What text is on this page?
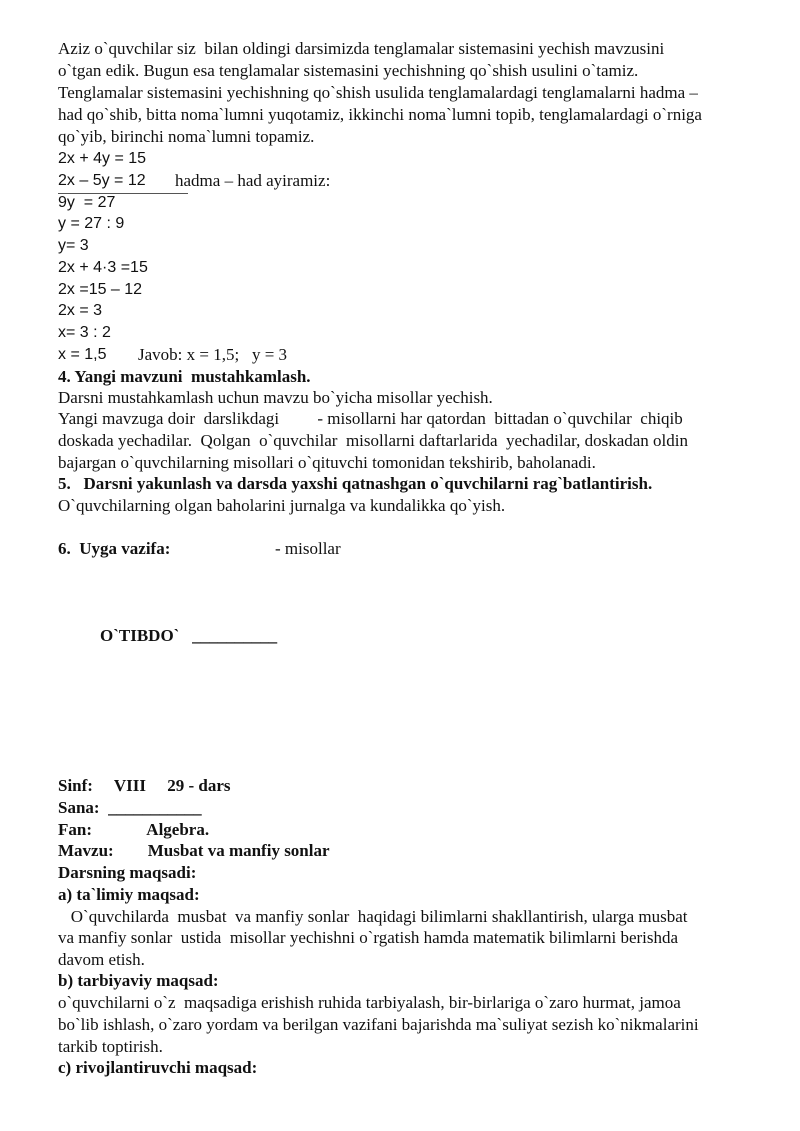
Aziz o`quvchilar siz  bilan oldingi darsimizda tenglamalar sistemasini yechish mavzusini

o`tgan edik. Bugun esa tenglamalar sistemasini yechishning qo`shish usulini o`tamiz.

Tenglamalar sistemasini yechishning qo`shish usulida tenglamalardagi tenglamalarni hadma –

had qo`shib, bitta noma`lumni yuqotamiz, ikkinchi noma`lumni topib, tenglamalardagi o`rniga

qo`yib, birinchi noma`lumni topamiz.

2x + 4y = 15

2x – 5y = 12 hadma – had ayiramiz:

9y  = 27

y = 27 : 9

y= 3

2x + 4·3 =15

2x =15 – 12

2x = 3

x= 3 : 2

x = 1,5 Javob: x = 1,5;   y = 3

4. Yangi mavzuni  mustahkamlash.

Darsni mustahkamlash uchun mavzu bo`yicha misollar yechish.

Yangi mavzuga doir  darslikdagi         - misollarni har qatordan  bittadan o`quvchilar  chiqib

doskada yechadilar.  Qolgan  o`quvchilar  misollarni daftarlarida  yechadilar, doskadan oldin

bajargan o`quvchilarning misollari o`qituvchi tomonidan tekshirib, baholanadi.

5.   Darsni yakunlash va darsda yaxshi qatnashgan o`quvchilarni rag`batlantirish.

O`quvchilarning olgan baholarini jurnalga va kundalikka qo`yish.

6.  Uyga vazifa:	- misollar

O`TIBDO`   __________

Sinf:     VIII     29 - dars

Sana:  ___________

Fan:             Algebra.

Mavzu:        Musbat va manfiy sonlar

Darsning maqsadi:

a) ta`limiy maqsad:

O`quvchilarda  musbat  va manfiy sonlar  haqidagi bilimlarni shakllantirish, ularga musbat

va manfiy sonlar  ustida  misollar yechishni o`rgatish hamda matematik bilimlarni berishda

davom etish.

b) tarbiyaviy maqsad:

o`quvchilarni o`z  maqsadiga erishish ruhida tarbiyalash, bir-birlariga o`zaro hurmat, jamoa

bo`lib ishlash, o`zaro yordam va berilgan vazifani bajarishda ma`suliyat sezish ko`nikmalarini

tarkib toptirish.

c) rivojlantiruvchi maqsad:
